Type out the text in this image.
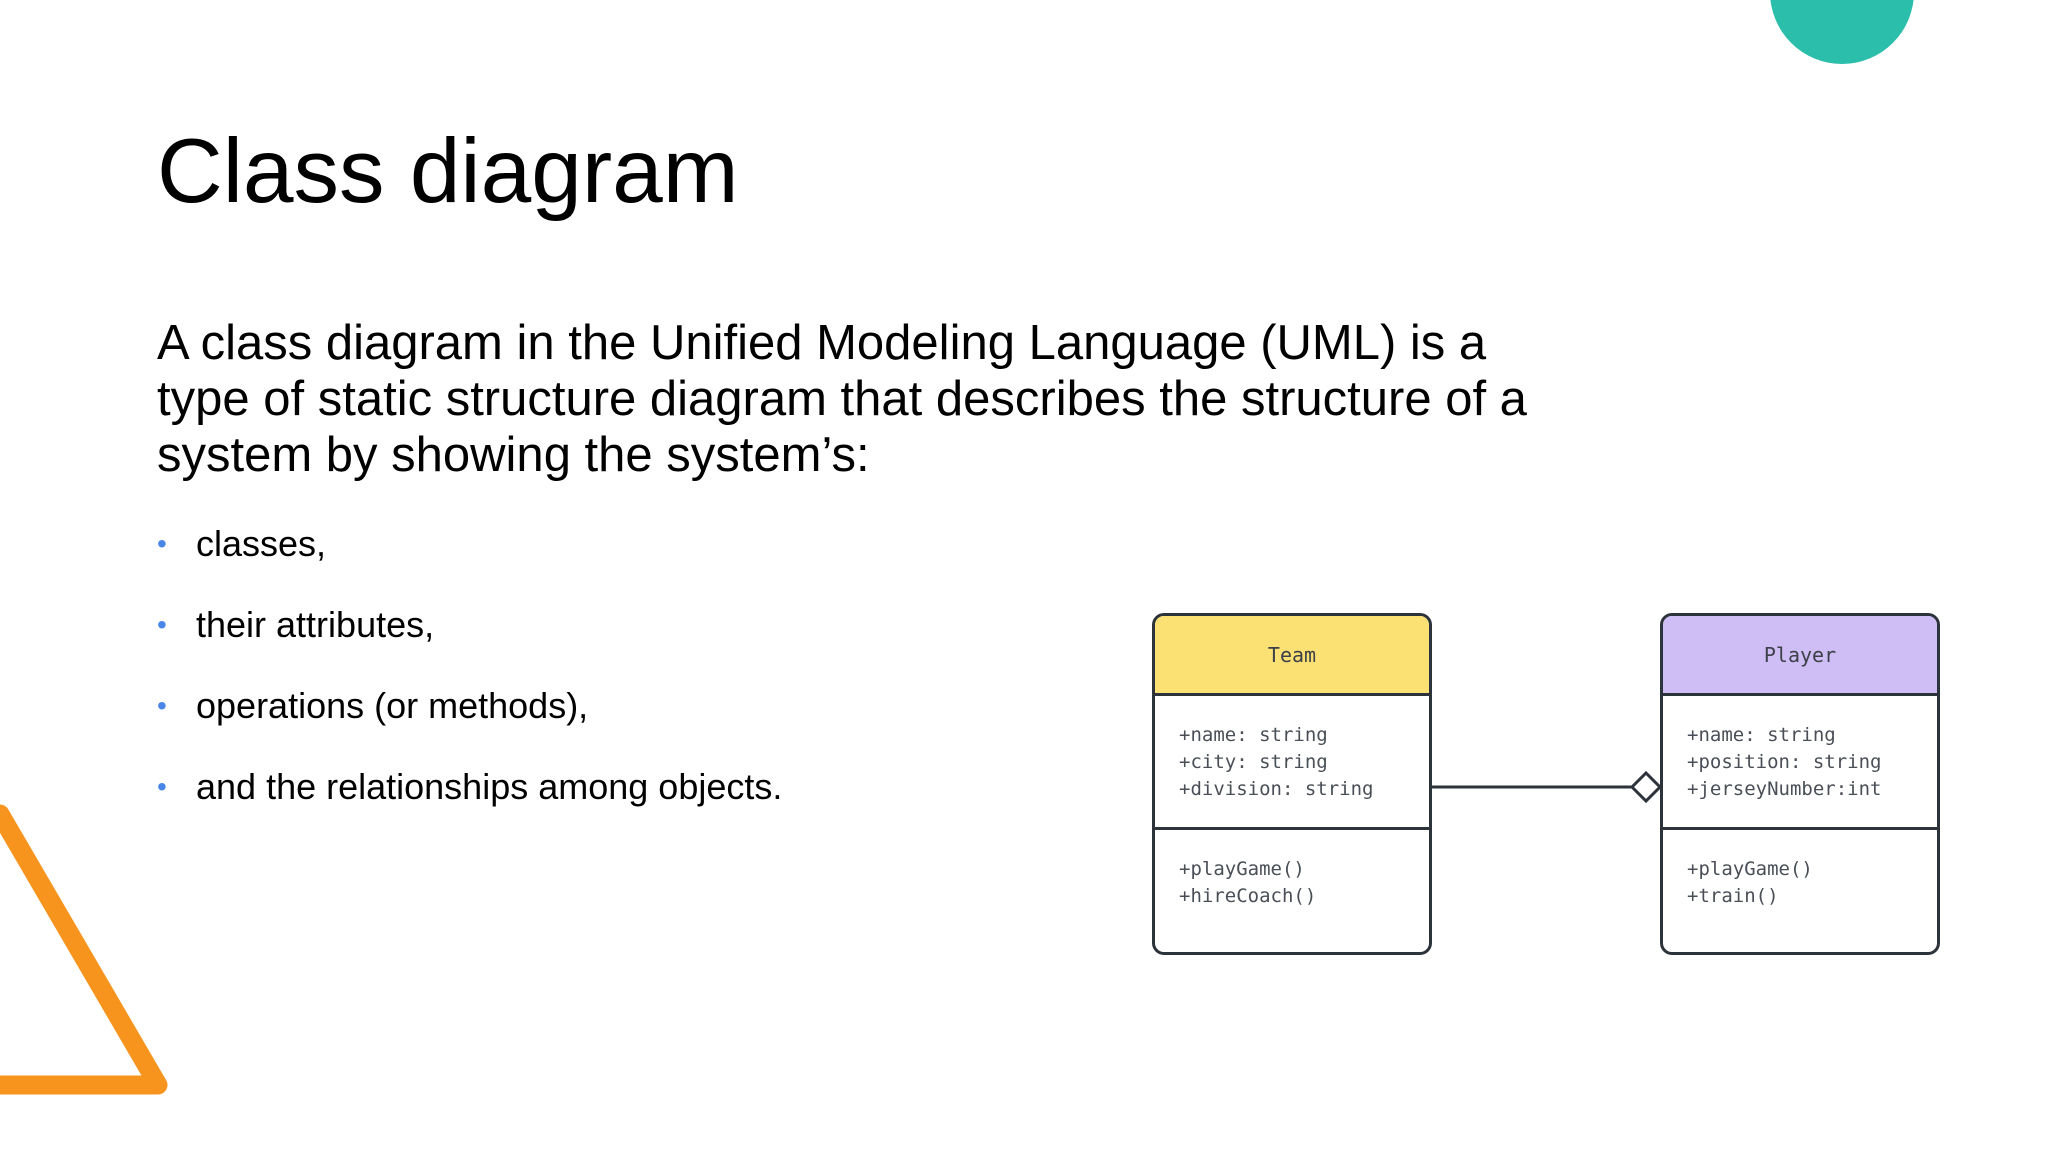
Class diagram

A class diagram in the Unified Modeling Language (UML) is a type of static structure diagram that describes the structure of a system by showing the system’s:

• classes,
• their attributes,
• operations (or methods),
• and the relationships among objects.
Team
+name: string
+city: string
+division: string
+playGame()
+hireCoach()
Player
+name: string
+position: string
+jerseyNumber:int
+playGame()
+train()
